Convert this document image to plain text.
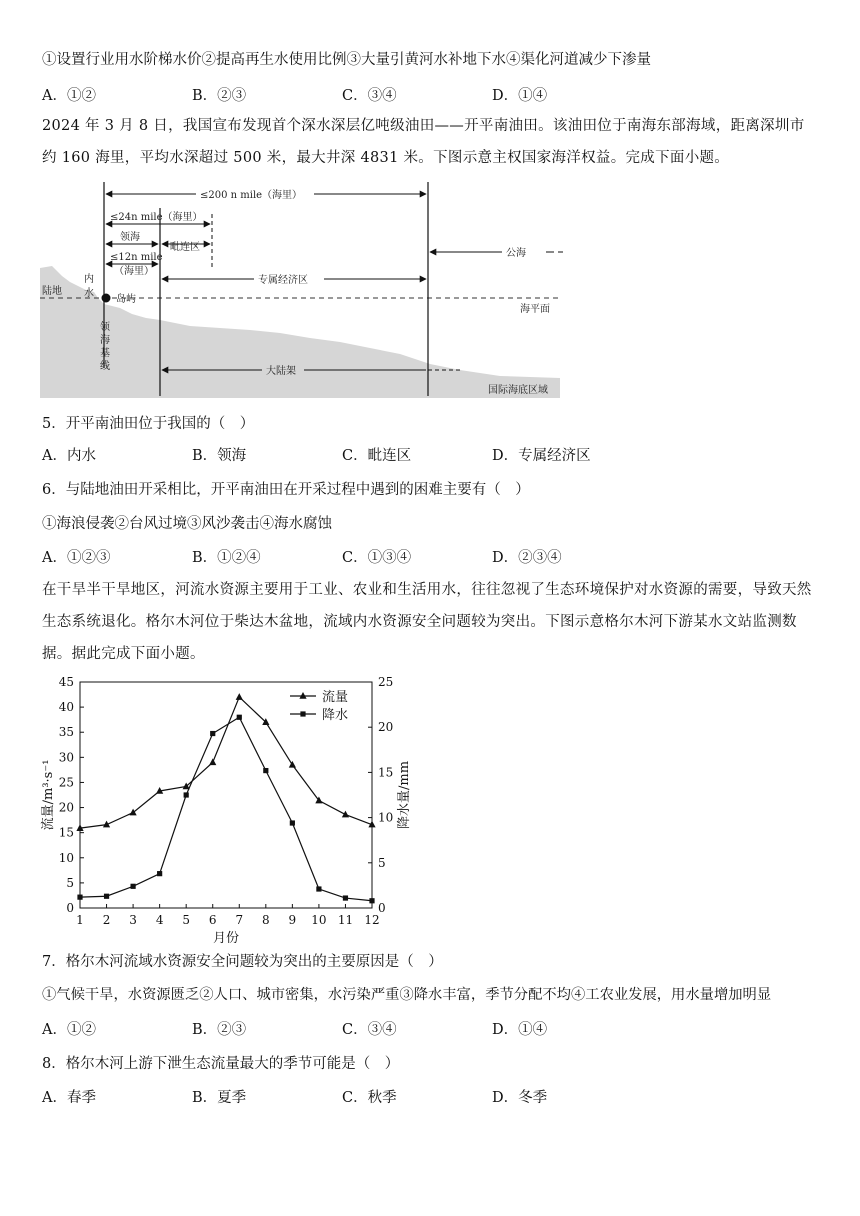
①设置行业用水阶梯水价②提高再生水使用比例③大量引黄河水补地下水④渠化河道减少下渗量
A．①②	B．②③	C．③④	D．①④
2024 年 3 月 8 日，我国宣布发现首个深水深层亿吨级油田——开平南油田。该油田位于南海东部海域，距离深圳市约 160 海里，平均水深超过 500 米，最大井深 4831 米。下图示意主权国家海洋权益。完成下面小题。
≤200 n mile（海里）
≤24n mile（海里）
领海
毗连区
≤12n mile
（海里）
公海
专属经济区
陆地
内
水
岛屿
海平面
领
海
基
线	大陆架
国际海底区域
5．开平南油田位于我国的（　）
A．内水	B．领海	C．毗连区	D．专属经济区
6．与陆地油田开采相比，开平南油田在开采过程中遇到的困难主要有（　）
①海浪侵袭②台风过境③风沙袭击④海水腐蚀
A．①②③	B．①②④	C．①③④	D．②③④
在干旱半干旱地区，河流水资源主要用于工业、农业和生活用水，往往忽视了生态环境保护对水资源的需要，导致天然生态系统退化。格尔木河位于柴达木盆地，流域内水资源安全问题较为突出。下图示意格尔木河下游某水文站监测数据。据此完成下面小题。
0
5
10
15
20
25
30
35
40
45
0
5
10
15
20
25
1 2 3 4 5 6 7 8 9 10 11 12
月份
流量/m³·s⁻¹	降水量/mm
流量
降水
7．格尔木河流域水资源安全问题较为突出的主要原因是（　）
①气候干旱，水资源匮乏②人口、城市密集，水污染严重③降水丰富，季节分配不均④工农业发展，用水量增加明显
A．①②	B．②③	C．③④	D．①④
8．格尔木河上游下泄生态流量最大的季节可能是（　）
A．春季	B．夏季	C．秋季	D．冬季
